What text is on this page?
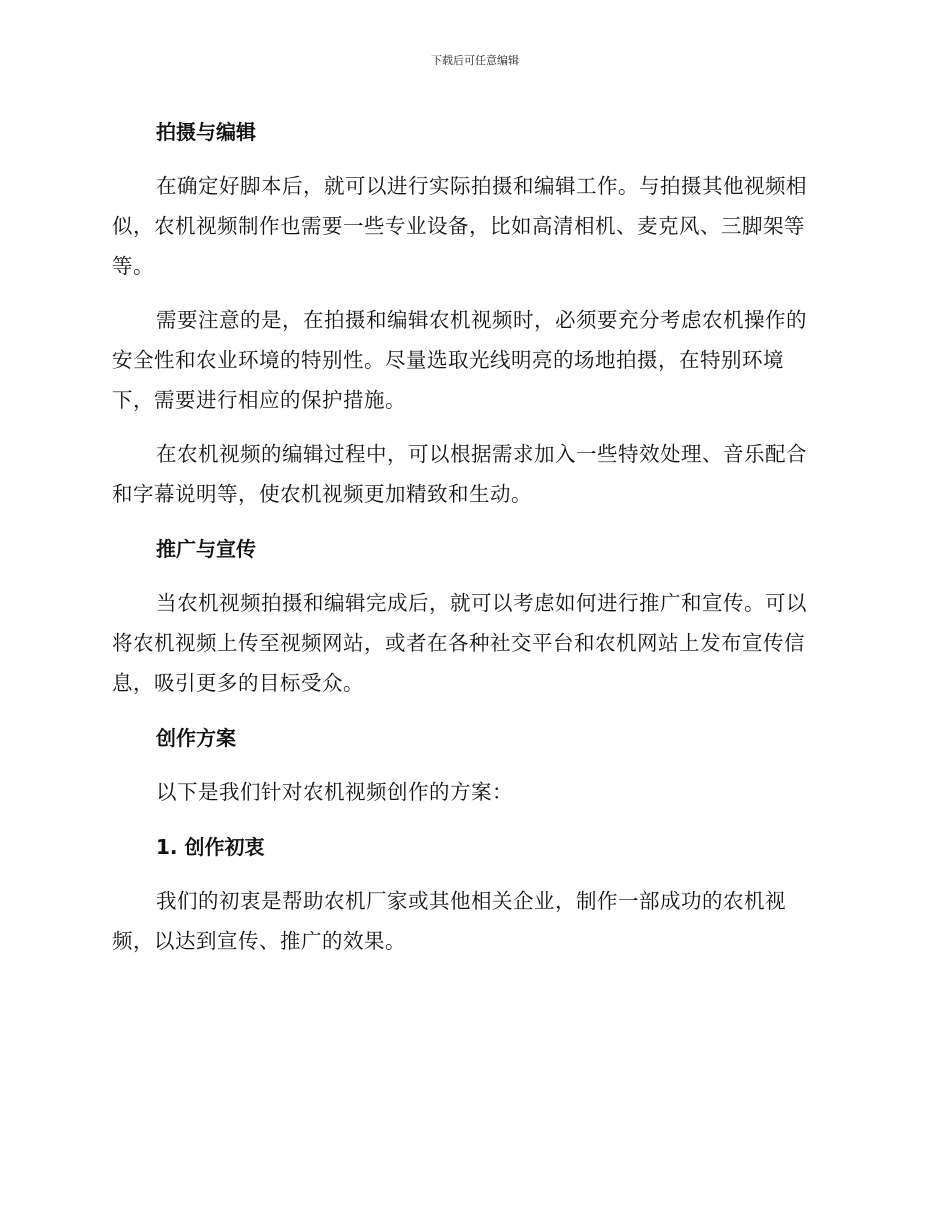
下载后可任意编辑
拍摄与编辑

在确定好脚本后，就可以进行实际拍摄和编辑工作。与拍摄其他视频相
似，农机视频制作也需要一些专业设备，比如高清相机、麦克风、三脚架等
等。

需要注意的是，在拍摄和编辑农机视频时，必须要充分考虑农机操作的
安全性和农业环境的特别性。尽量选取光线明亮的场地拍摄，在特别环境
下，需要进行相应的保护措施。

在农机视频的编辑过程中，可以根据需求加入一些特效处理、音乐配合
和字幕说明等，使农机视频更加精致和生动。

推广与宣传

当农机视频拍摄和编辑完成后，就可以考虑如何进行推广和宣传。可以
将农机视频上传至视频网站，或者在各种社交平台和农机网站上发布宣传信
息，吸引更多的目标受众。

创作方案

以下是我们针对农机视频创作的方案：

1. 创作初衷

我们的初衷是帮助农机厂家或其他相关企业，制作一部成功的农机视
频，以达到宣传、推广的效果。
